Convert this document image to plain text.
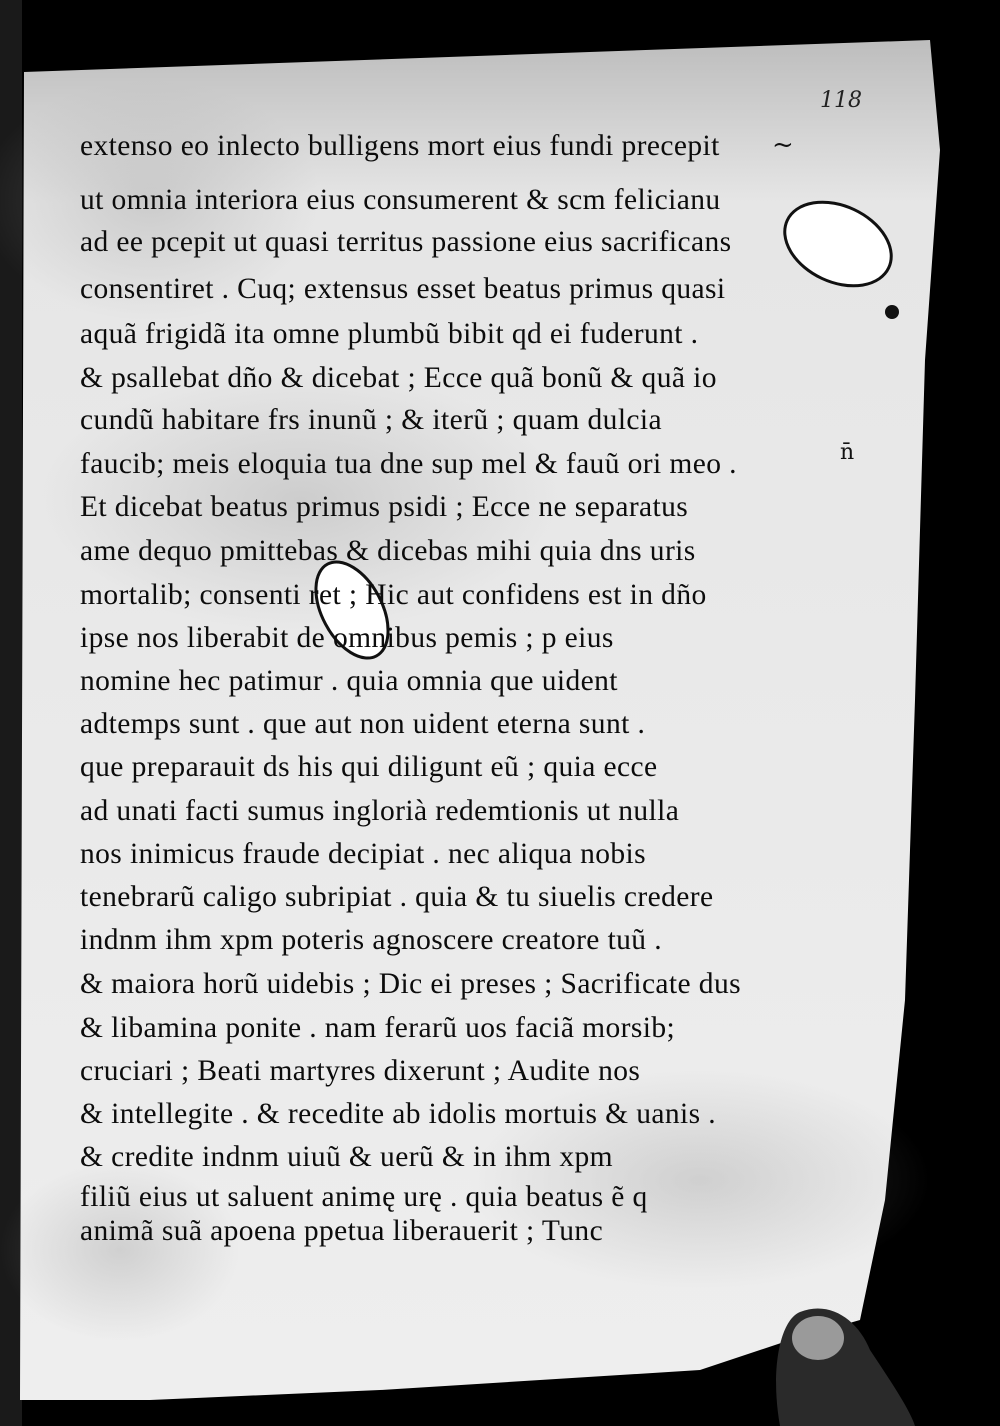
118
~
n̄
extenso eo inlecto bulligens mort eius fundi precepit
ut omnia interiora eius consumerent & scm felicianu
ad ee pcepit ut quasi territus passione eius sacrificans
consentiret . Cuq; extensus esset beatus primus quasi
aquã frigidã ita omne plumbũ bibit qd ei fuderunt .
& psallebat dño & dicebat ; Ecce quã bonũ & quã io
cundũ habitare frs inunũ ; & iterũ ; quam dulcia
faucib; meis eloquia tua dne sup mel & fauũ ori meo .
Et dicebat beatus primus psidi ; Ecce ne separatus
ame dequo pmittebas & dicebas mihi quia dns uris
mortalib; consenti ret ; Hic aut confidens est in dño
ipse nos liberabit de omnibus pemis ; p eius
nomine hec patimur . quia omnia que uident
adtemps sunt . que aut non uident eterna sunt .
que preparauit ds his qui diligunt eũ ; quia ecce
ad unati facti sumus inglorià redemtionis ut nulla
nos inimicus fraude decipiat . nec aliqua nobis
tenebrarũ caligo subripiat . quia & tu siuelis credere
indnm ihm xpm poteris agnoscere creatore tuũ .
& maiora horũ uidebis ; Dic ei preses ; Sacrificate dus
& libamina ponite . nam ferarũ uos faciã morsib;
cruciari ; Beati martyres dixerunt ; Audite nos
& intellegite . & recedite ab idolis mortuis & uanis .
& credite indnm uiuũ & uerũ & in ihm xpm
filiũ eius ut saluent animę urę . quia beatus ẽ q
animã suã apoena ppetua liberauerit ; Tunc
